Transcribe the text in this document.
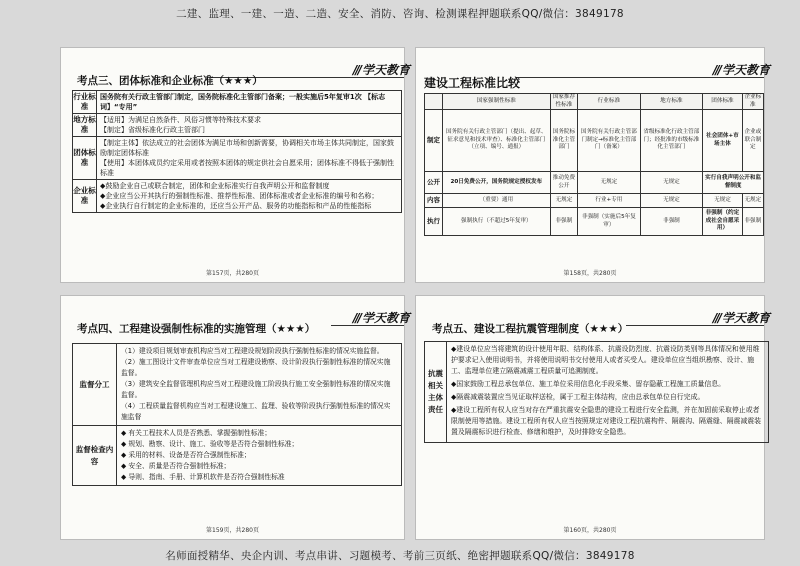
二建、监理、一建、一造、二造、安全、消防、咨询、检测课程押题联系QQ/微信：3849178
/// 学天教育
考点三、团体标准和企业标准（★★★）
行业标准	国务院有关行政主管部门制定，国务院标准化主管部门备案；一般实施后5年复审1次 【标志词】“专用”
地方标准	【适用】为满足自然条件、风俗习惯等特殊技术要求
【制定】省级标准化行政主管部门

团体标准	【制定主体】依法成立的社会团体为满足市场和创新需要，协调相关市场主体共同制定，国家鼓励制定团体标准
【使用】本团体成员约定采用或者按照本团体的规定供社会自愿采用；团体标准不得低于强制性标准

企业标准	◆鼓励企业自己或联合制定，团体和企业标准实行自我声明公开和监督制度
◆企业应当公开其执行的强制性标准、推荐性标准、团体标准或者企业标准的编号和名称；
◆企业执行自行制定的企业标准的，还应当公开产品、服务的功能指标和产品的性能指标
第157页，共280页
/// 学天教育
建设工程标准比较
	国家强制性标准	国家推荐性标准	行业标准	地方标准	团体标准	企业标准
制定	国务院有关行政主管部门（提出、起草、征求意见和技术审查）、标准化主管部门（立项、编号、通报）	国务院标准化主管部门	国务院有关行政主管部门制定→标准化主管部门（备案）	省级标准化行政主管部门；经批准的市级标准化主管部门	社会团体+市场主体	企业或联合制定
公开	20日免费公开，国务院规定授权发布	推动免费公开	无规定	无规定	实行自我声明公开和监督制度	
内容	（重要）通用	无规定	行业+专用	无规定	无规定	无规定
执行	强制执行（不超过5年复审）	非强制	非强制（实施后5年复审）	非强制	非强制（约定成社会自愿采用）	非强制
第158页，共280页
/// 学天教育
考点四、工程建设强制性标准的实施管理（★★★）
监督分工	（1）建设项目规划审查机构应当对工程建设规划阶段执行强制性标准的情况实施监督。
（2）施工图设计文件审查单位应当对工程建设勘察、设计阶段执行强制性标准的情况实施监督。
（3）建筑安全监督管理机构应当对工程建设施工阶段执行施工安全强制性标准的情况实施监督。
（4）工程质量监督机构应当对工程建设施工、监理、验收等阶段执行强制性标准的情况实施监督

监督检查内容	◆ 有关工程技术人员是否熟悉、掌握强制性标准；
◆ 规划、勘察、设计、施工、验收等是否符合强制性标准；
◆ 采用的材料、设备是否符合强制性标准；
◆ 安全、质量是否符合强制性标准；
◆ 导则、指南、手册、计算机软件是否符合强制性标准
第159页，共280页
/// 学天教育
考点五、建设工程抗震管理制度（★★★）
抗震相关主体责任	

◆建设单位应当将建筑的设计使用年限、结构体系、抗震设防烈度、抗震设防类别等具体情况和使用维护要求记入使用说明书，并将使用说明书交付使用人或者买受人。建设单位应当组织勘察、设计、施工、监理单位建立隔震减震工程质量可追溯制度。

◆国家鼓励工程总承包单位、施工单位采用信息化手段采集、留存隐蔽工程施工质量信息。

◆隔震减震装置应当见证取样送检，属于工程主体结构，应由总承包单位自行完成。

◆建设工程所有权人应当对存在严重抗震安全隐患的建设工程进行安全监测，并在加固前采取停止或者限制使用等措施。建设工程所有权人应当按照规定对建设工程抗震构件、隔震沟、隔震缝、隔震减震装置及隔震标识进行检查、修缮和维护，及时排除安全隐患。

第160页，共280页
名师面授精华、央企内训、考点串讲、习题模考、考前三页纸、绝密押题联系QQ/微信：3849178
